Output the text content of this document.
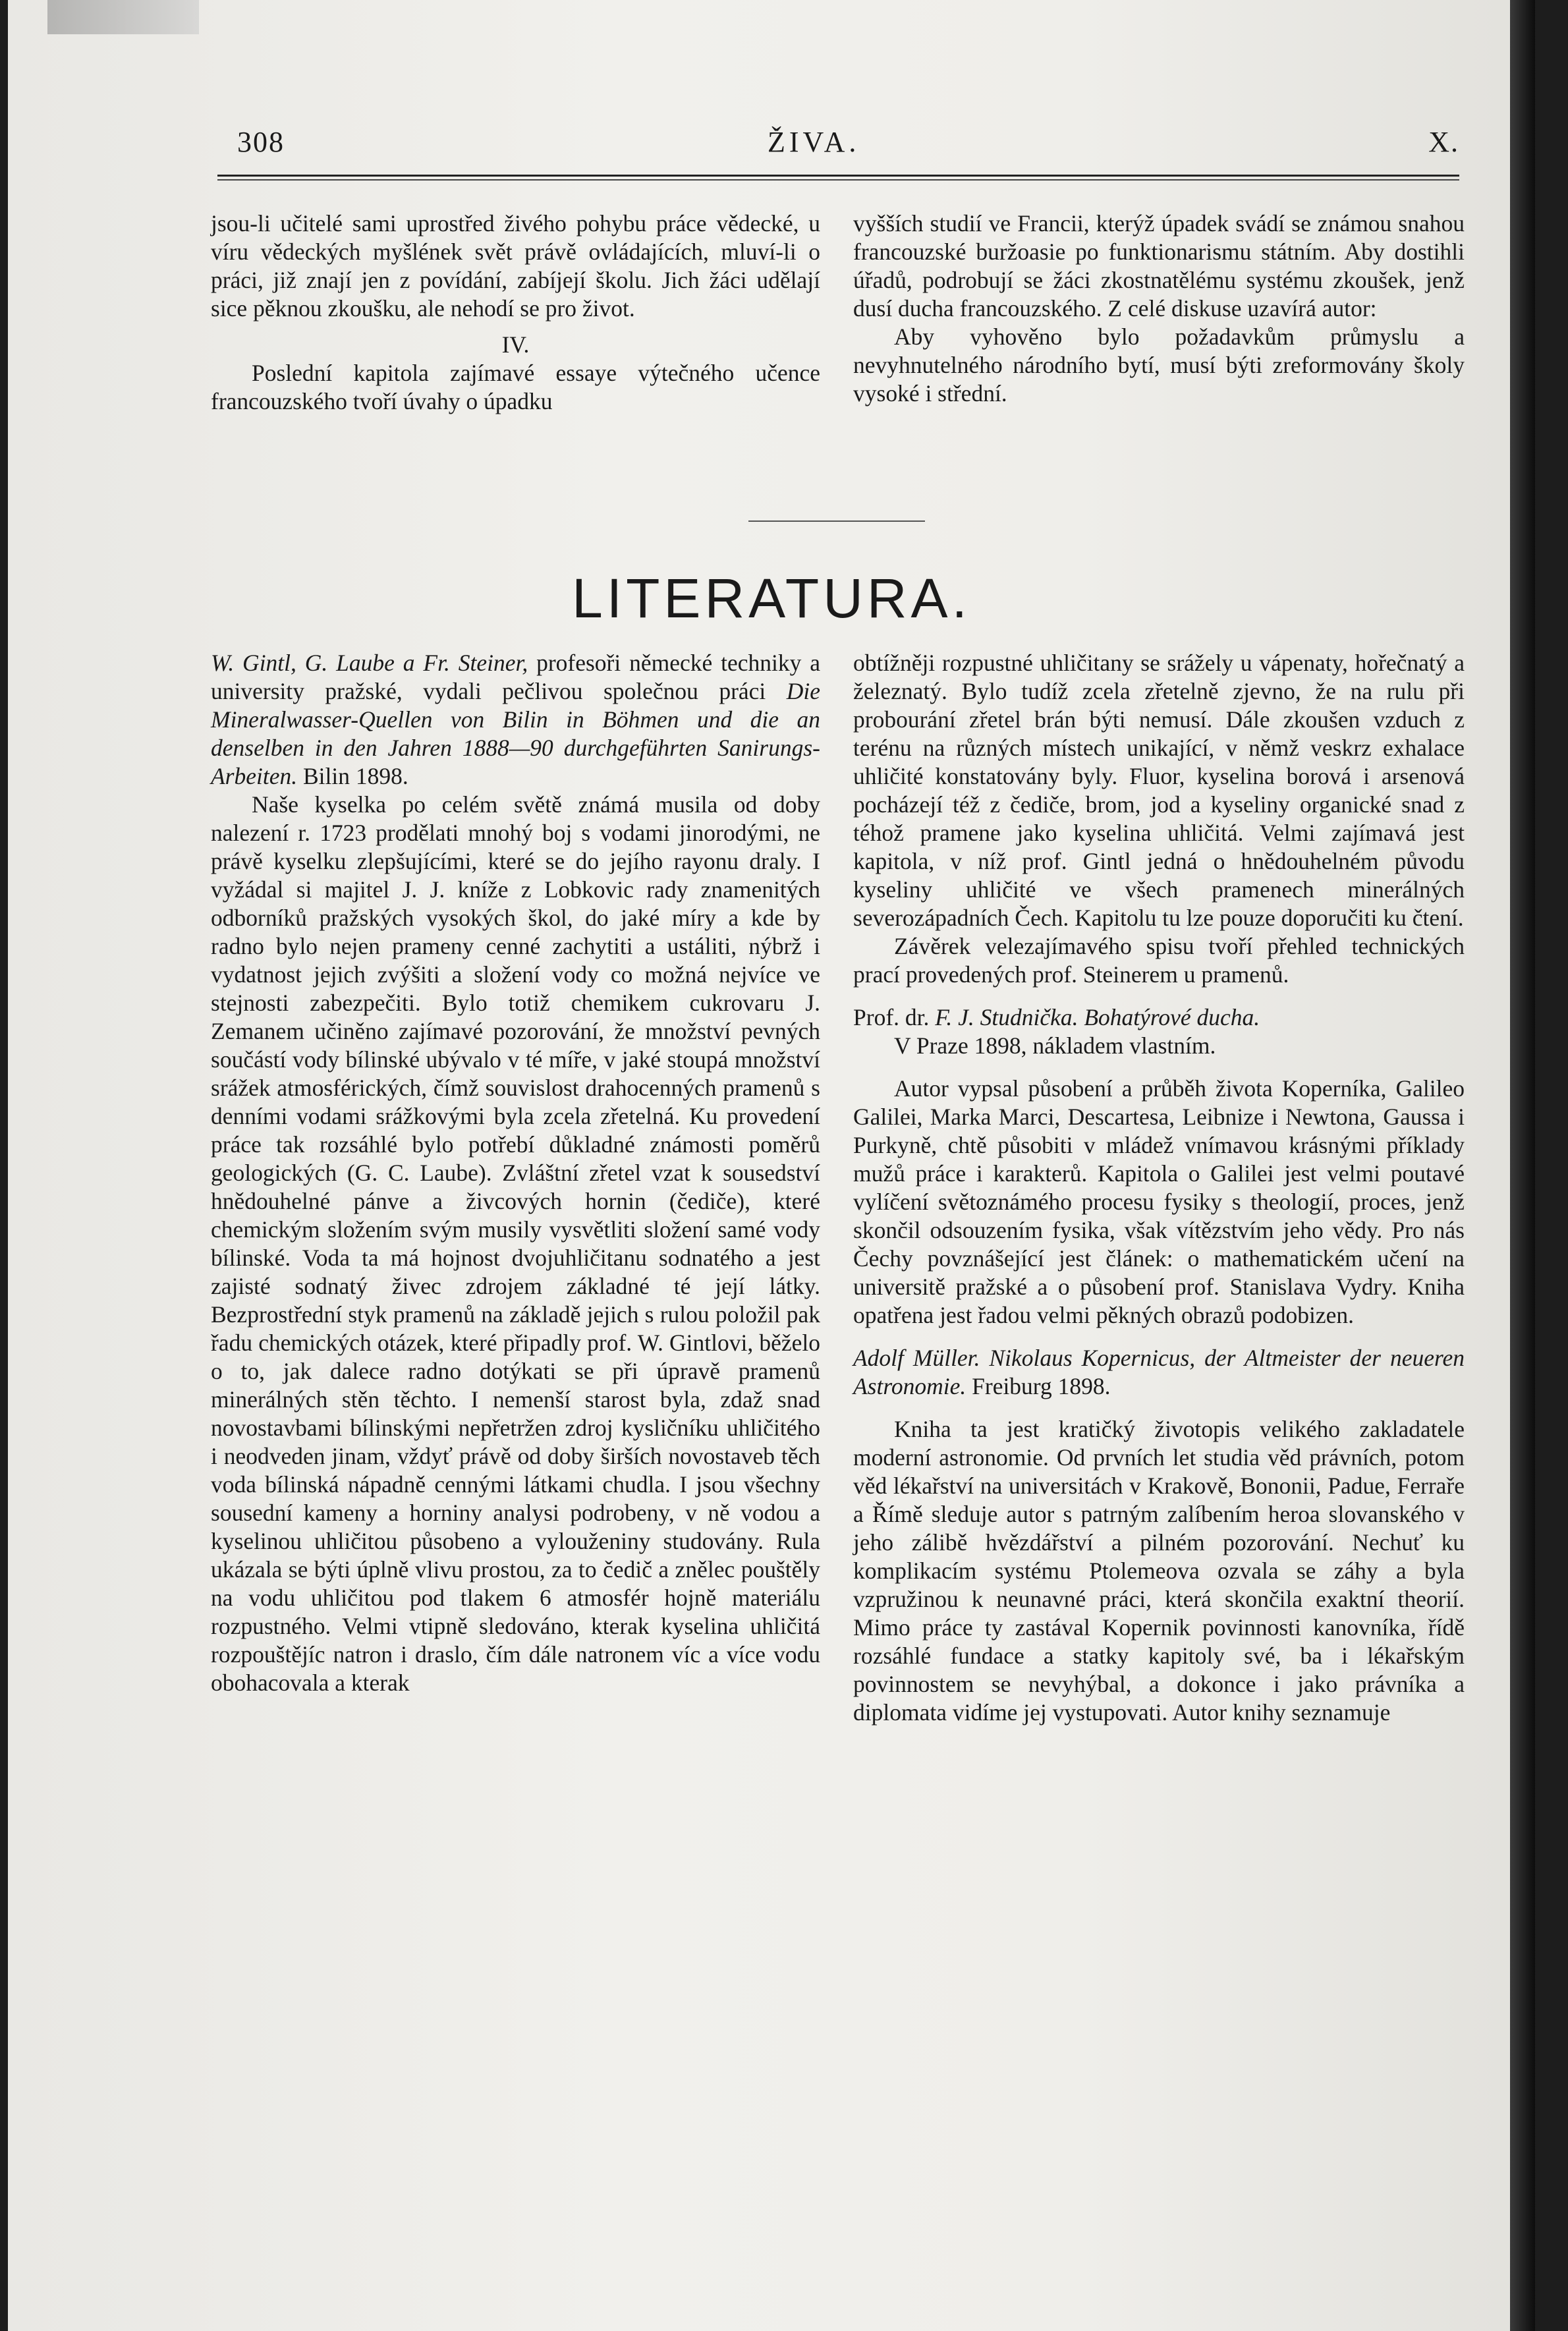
308	ŽIVA.	X.

jsou-li učitelé sami uprostřed živého pohybu práce vědecké, u víru vědeckých myšlének svět právě ovládajících, mluví-li o práci, již znají jen z povídání, zabíjejí školu. Jich žáci udělají sice pěknou zkoušku, ale nehodí se pro život.

IV.

Poslední kapitola zajímavé essaye výtečného učence francouzského tvoří úvahy o úpadku

vyšších studií ve Francii, kterýž úpadek svádí se známou snahou francouzské buržoasie po funktionarismu státním. Aby dostihli úřadů, podrobují se žáci zkostnatělému systému zkoušek, jenž dusí ducha francouzského. Z celé diskuse uzavírá autor:

Aby vyhověno bylo požadavkům průmyslu a nevyhnutelného národního bytí, musí býti zreformovány školy vysoké i střední.

LITERATURA.

W. Gintl, G. Laube a Fr. Steiner, profesoři německé techniky a university pražské, vydali pečlivou společnou práci Die Mineralwasser-Quellen von Bilin in Böhmen und die an denselben in den Jahren 1888—90 durchgeführten Sanirungs-Arbeiten. Bilin 1898.

Naše kyselka po celém světě známá musila od doby nalezení r. 1723 prodělati mnohý boj s vodami jinorodými, ne právě kyselku zlepšujícími, které se do jejího rayonu draly. I vyžádal si majitel J. J. kníže z Lobkovic rady znamenitých odborníků pražských vysokých škol, do jaké míry a kde by radno bylo nejen prameny cenné zachytiti a ustáliti, nýbrž i vydatnost jejich zvýšiti a složení vody co možná nejvíce ve stejnosti zabezpečiti. Bylo totiž chemikem cukrovaru J. Zemanem učiněno zajímavé pozorování, že množství pevných součástí vody bílinské ubývalo v té míře, v jaké stoupá množství srážek atmosférických, čímž souvislost drahocenných pramenů s denními vodami srážkovými byla zcela zřetelná. Ku provedení práce tak rozsáhlé bylo potřebí důkladné známosti poměrů geologických (G. C. Laube). Zvláštní zřetel vzat k sousedství hnědouhelné pánve a živcových hornin (čediče), které chemickým složením svým musily vysvětliti složení samé vody bílinské. Voda ta má hojnost dvojuhličitanu sodnatého a jest zajisté sodnatý živec zdrojem základné té její látky. Bezprostřední styk pramenů na základě jejich s rulou položil pak řadu chemických otázek, které připadly prof. W. Gintlovi, běželo o to, jak dalece radno dotýkati se při úpravě pramenů minerálných stěn těchto. I nemenší starost byla, zdaž snad novostavbami bílinskými nepřetržen zdroj kysličníku uhličitého i neodveden jinam, vždyť právě od doby širších novostaveb těch voda bílinská nápadně cennými látkami chudla. I jsou všechny sousední kameny a horniny analysi podrobeny, v ně vodou a kyselinou uhličitou působeno a vylouženiny studovány. Rula ukázala se býti úplně vlivu prostou, za to čedič a znělec pouštěly na vodu uhličitou pod tlakem 6 atmosfér hojně materiálu rozpustného. Velmi vtipně sledováno, kterak kyselina uhličitá rozpouštějíc natron i draslo, čím dále natronem víc a více vodu obohacovala a kterak

obtížněji rozpustné uhličitany se srážely u vápenaty, hořečnatý a železnatý. Bylo tudíž zcela zřetelně zjevno, že na rulu při probourání zřetel brán býti nemusí. Dále zkoušen vzduch z terénu na různých místech unikající, v němž veskrz exhalace uhličité konstatovány byly. Fluor, kyselina borová i arsenová pocházejí též z čediče, brom, jod a kyseliny organické snad z téhož pramene jako kyselina uhličitá. Velmi zajímavá jest kapitola, v níž prof. Gintl jedná o hnědouhelném původu kyseliny uhličité ve všech pramenech minerálných severozápadních Čech. Kapitolu tu lze pouze doporučiti ku čtení.

Závěrek velezajímavého spisu tvoří přehled technických prací provedených prof. Steinerem u pramenů.

Prof. dr. F. J. Studnička. Bohatýrové ducha.

V Praze 1898, nákladem vlastním.

Autor vypsal působení a průběh života Koperníka, Galileo Galilei, Marka Marci, Descartesa, Leibnize i Newtona, Gaussa i Purkyně, chtě působiti v mládež vnímavou krásnými příklady mužů práce i karakterů. Kapitola o Galilei jest velmi poutavé vylíčení světoznámého procesu fysiky s theologií, proces, jenž skončil odsouzením fysika, však vítězstvím jeho vědy. Pro nás Čechy povznášející jest článek: o mathematickém učení na universitě pražské a o působení prof. Stanislava Vydry. Kniha opatřena jest řadou velmi pěkných obrazů podobizen.

Adolf Müller. Nikolaus Kopernicus, der Altmeister der neueren Astronomie. Freiburg 1898.

Kniha ta jest kratičký životopis velikého zakladatele moderní astronomie. Od prvních let studia věd právních, potom věd lékařství na universitách v Krakově, Bononii, Padue, Ferraře a Římě sleduje autor s patrným zalíbením heroa slovanského v jeho zálibě hvězdářství a pilném pozorování. Nechuť ku komplikacím systému Ptolemeova ozvala se záhy a byla vzpružinou k neunavné práci, která skončila exaktní theorií. Mimo práce ty zastával Kopernik povinnosti kanovníka, řídě rozsáhlé fundace a statky kapitoly své, ba i lékařským povinnostem se nevyhýbal, a dokonce i jako právníka a diplomata vidíme jej vystupovati. Autor knihy seznamuje
